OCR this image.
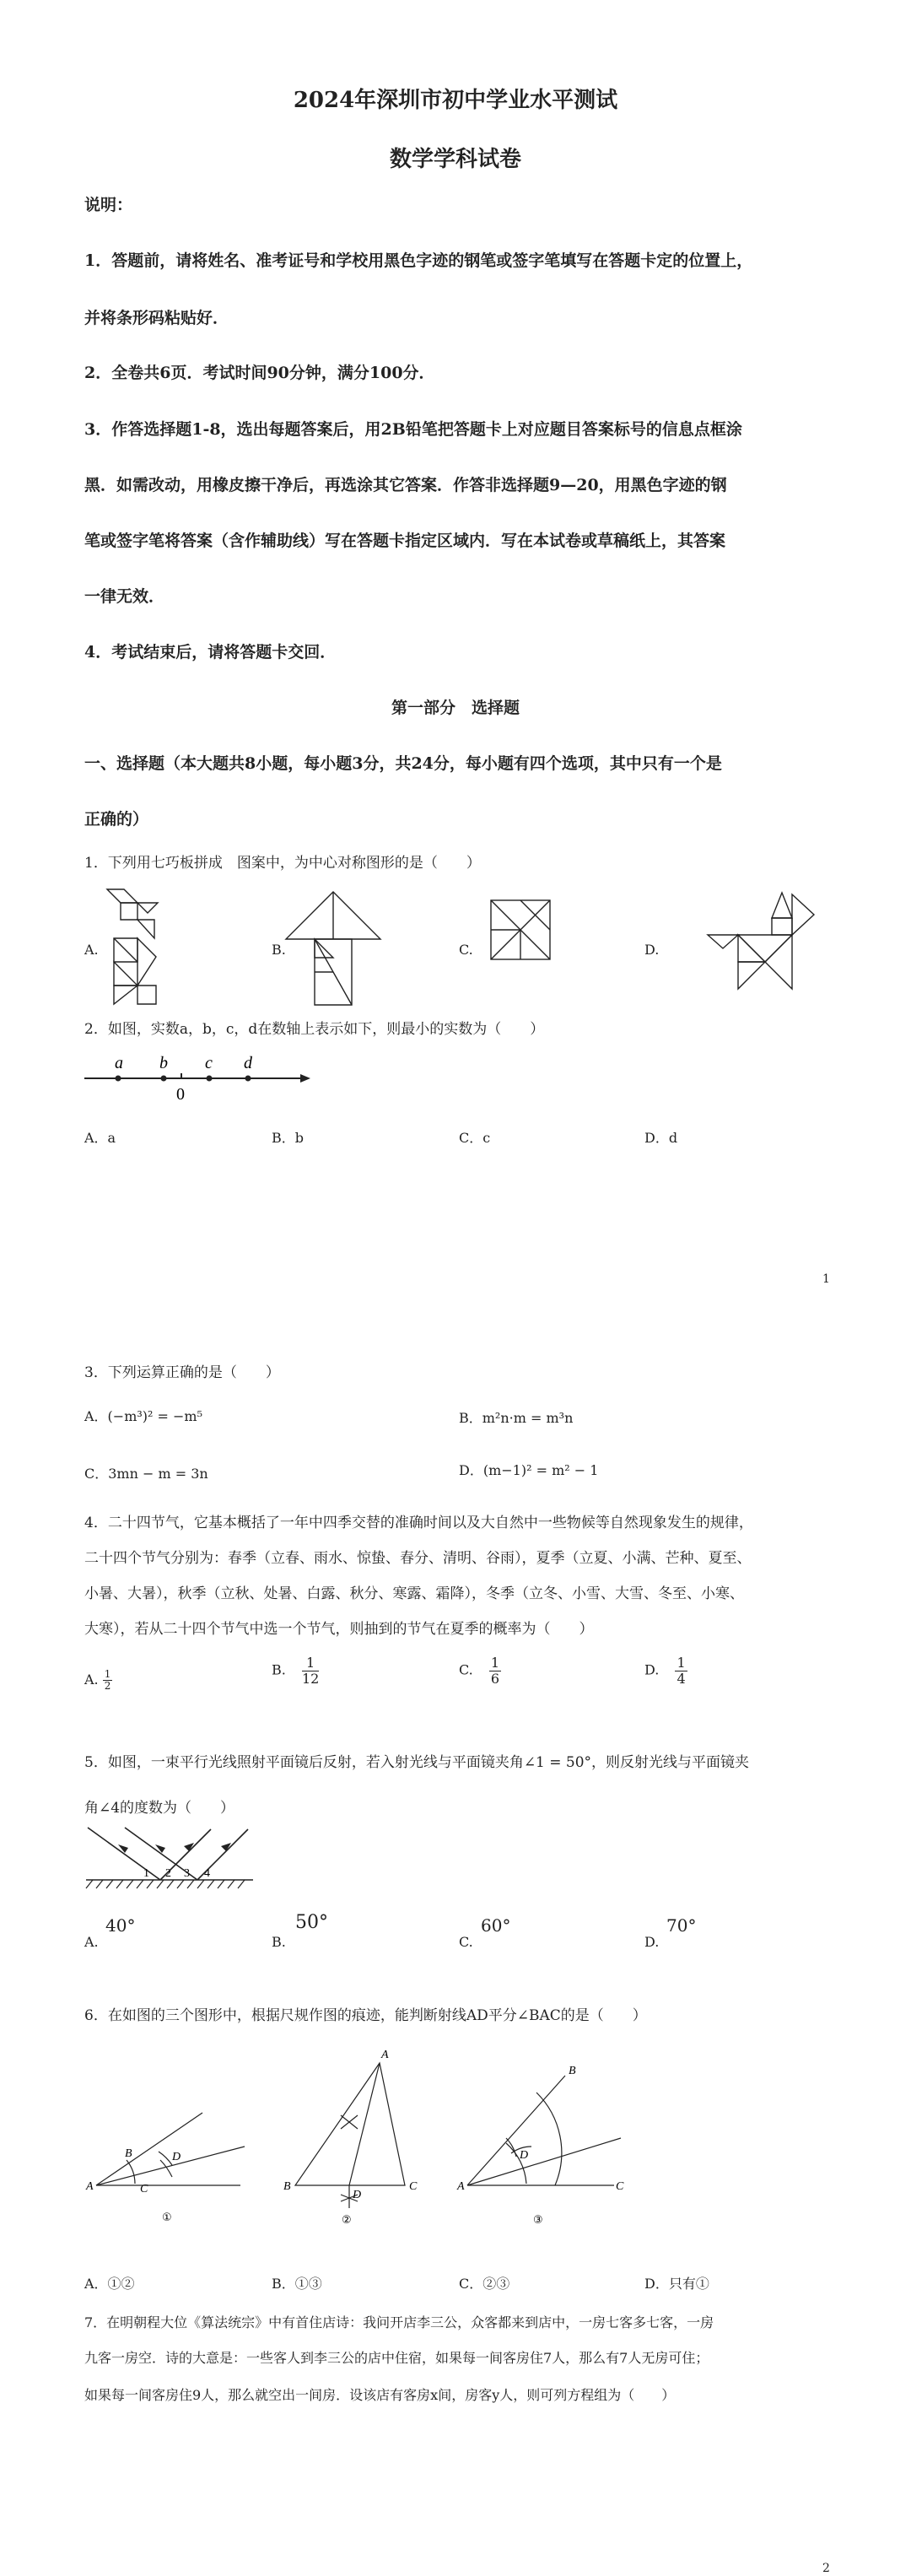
2024年深圳市初中学业水平测试
数学学科试卷
说明：
1．答题前，请将姓名、准考证号和学校用黑色字迹的钢笔或签字笔填写在答题卡定的位置上，
并将条形码粘贴好．
2．全卷共6页．考试时间90分钟，满分100分．
3．作答选择题1-8，选出每题答案后，用2B铅笔把答题卡上对应题目答案标号的信息点框涂
黑．如需改动，用橡皮擦干净后，再选涂其它答案．作答非选择题9—20，用黑色字迹的钢
笔或签字笔将答案（含作辅助线）写在答题卡指定区域内．写在本试卷或草稿纸上，其答案
一律无效．
4．考试结束后，请将答题卡交回．
第一部分　选择题
一、选择题（本大题共8小题，每小题3分，共24分，每小题有四个选项，其中只有一个是
正确的）
1．下列用七巧板拼成　图案中，为中心对称图形的是（　　）
A.	B.	C.	D.
2．如图，实数a，b，c，d在数轴上表示如下，则最小的实数为（　　）
a b c d
0
A．a	B．b	C．c	D．d
1
3．下列运算正确的是（　　）
A．(−m³)² = −m⁵	B．m²n·m = m³n
C．3mn − m = 3n	D．(m−1)² = m² − 1
4．二十四节气，它基本概括了一年中四季交替的准确时间以及大自然中一些物候等自然现象发生的规律，
二十四个节气分别为：春季（立春、雨水、惊蛰、春分、清明、谷雨），夏季（立夏、小满、芒种、夏至、
小暑、大暑），秋季（立秋、处暑、白露、秋分、寒露、霜降），冬季（立冬、小雪、大雪、冬至、小寒、
大寒），若从二十四个节气中选一个节气，则抽到的节气在夏季的概率为（　　）
A. $\frac{1}{2}$	B. $\frac{1}{12}$	C. $\frac{1}{6}$	D. $\frac{1}{4}$
5．如图，一束平行光线照射平面镜后反射，若入射光线与平面镜夹角∠1 = 50°，则反射光线与平面镜夹
角∠4的度数为（　　）
1 2 3 4
A.
40°
B.
50°
C.
60°
D.
70°
6．在如图的三个图形中，根据尺规作图的痕迹，能判断射线AD平分∠BAC的是（　　）
A
B
C
D
①
A
B	C
D
②
A
B
C
D
③
A．①②	B．①③	C．②③	D．只有①
7．在明朝程大位《算法统宗》中有首住店诗：我问开店李三公，众客都来到店中，一房七客多七客，一房
九客一房空．诗的大意是：一些客人到李三公的店中住宿，如果每一间客房住7人，那么有7人无房可住；
如果每一间客房住9人，那么就空出一间房．设该店有客房x间，房客y人，则可列方程组为（　　）
2
